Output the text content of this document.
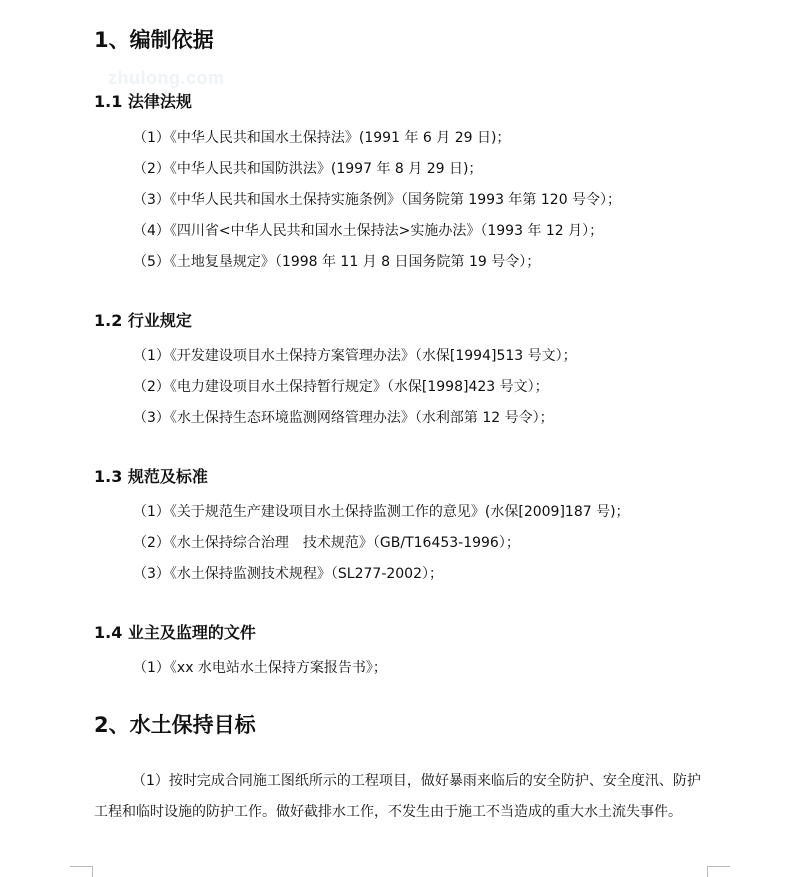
zhulong.com
1、编制依据
1.1 法律法规
（1）《中华人民共和国水土保持法》(1991 年 6 月 29 日)；
（2）《中华人民共和国防洪法》(1997 年 8 月 29 日)；
（3）《中华人民共和国水土保持实施条例》（国务院第 1993 年第 120 号令）；
（4）《四川省<中华人民共和国水土保持法>实施办法》（1993 年 12 月）；
（5）《土地复垦规定》（1998 年 11 月 8 日国务院第 19 号令）；
1.2 行业规定
（1）《开发建设项目水土保持方案管理办法》（水保[1994]513 号文）；
（2）《电力建设项目水土保持暂行规定》（水保[1998]423 号文）；
（3）《水土保持生态环境监测网络管理办法》（水利部第 12 号令）；
1.3 规范及标准
（1）《关于规范生产建设项目水土保持监测工作的意见》(水保[2009]187 号)；
（2）《水土保持综合治理　技术规范》（GB/T16453-1996）；
（3）《水土保持监测技术规程》（SL277-2002）；
1.4 业主及监理的文件
（1）《xx 水电站水土保持方案报告书》；
2、水土保持目标

（1）按时完成合同施工图纸所示的工程项目，做好暴雨来临后的安全防护、安全度汛、防护工程和临时设施的防护工作。做好截排水工作，不发生由于施工不当造成的重大水土流失事件。
